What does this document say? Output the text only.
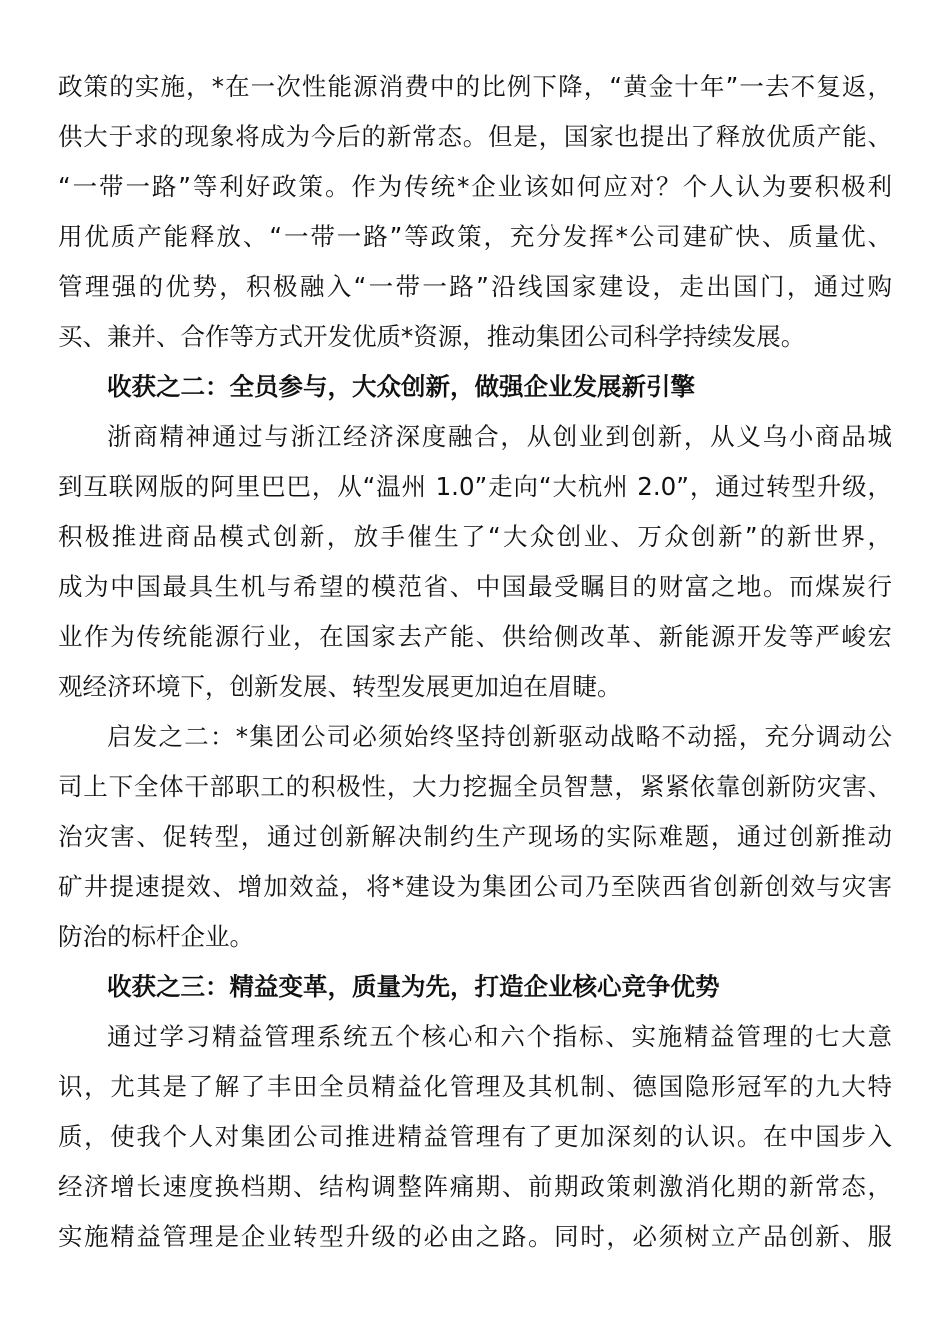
政策的实施，*在一次性能源消费中的比例下降，“黄金十年”一去不复返，
供大于求的现象将成为今后的新常态。但是，国家也提出了释放优质产能、
“一带一路”等利好政策。作为传统*企业该如何应对？个人认为要积极利
用优质产能释放、“一带一路”等政策，充分发挥*公司建矿快、质量优、
管理强的优势，积极融入“一带一路”沿线国家建设，走出国门，通过购
买、兼并、合作等方式开发优质*资源，推动集团公司科学持续发展。
收获之二：全员参与，大众创新，做强企业发展新引擎
浙商精神通过与浙江经济深度融合，从创业到创新，从义乌小商品城
到互联网版的阿里巴巴，从“温州 1.0”走向“大杭州 2.0”，通过转型升级，
积极推进商品模式创新，放手催生了“大众创业、万众创新”的新世界，
成为中国最具生机与希望的模范省、中国最受瞩目的财富之地。而煤炭行
业作为传统能源行业，在国家去产能、供给侧改革、新能源开发等严峻宏
观经济环境下，创新发展、转型发展更加迫在眉睫。
启发之二：*集团公司必须始终坚持创新驱动战略不动摇，充分调动公
司上下全体干部职工的积极性，大力挖掘全员智慧，紧紧依靠创新防灾害、
治灾害、促转型，通过创新解决制约生产现场的实际难题，通过创新推动
矿井提速提效、增加效益，将*建设为集团公司乃至陕西省创新创效与灾害
防治的标杆企业。
收获之三：精益变革，质量为先，打造企业核心竞争优势
通过学习精益管理系统五个核心和六个指标、实施精益管理的七大意
识，尤其是了解了丰田全员精益化管理及其机制、德国隐形冠军的九大特
质，使我个人对集团公司推进精益管理有了更加深刻的认识。在中国步入
经济增长速度换档期、结构调整阵痛期、前期政策刺激消化期的新常态，
实施精益管理是企业转型升级的必由之路。同时，必须树立产品创新、服
